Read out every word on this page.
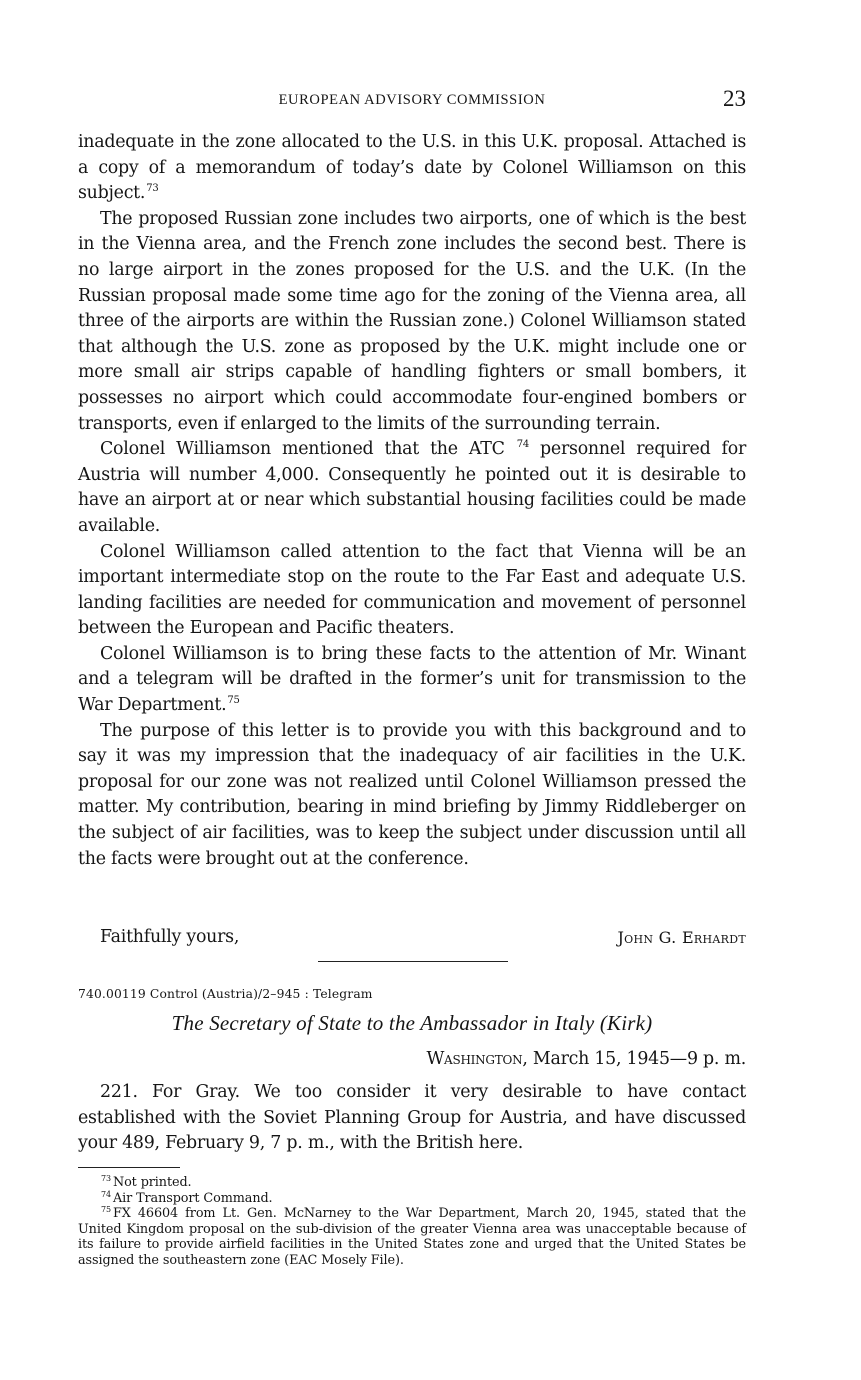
EUROPEAN ADVISORY COMMISSION	23

inadequate in the zone allocated to the U.S. in this U.K. proposal. Attached is a copy of a memorandum of today’s date by Colonel Williamson on this subject.$^{73}$

The proposed Russian zone includes two airports, one of which is the best in the Vienna area, and the French zone includes the second best. There is no large airport in the zones proposed for the U.S. and the U.K. (In the Russian proposal made some time ago for the zoning of the Vienna area, all three of the airports are within the Russian zone.) Colonel Williamson stated that although the U.S. zone as proposed by the U.K. might include one or more small air strips capable of handling fighters or small bombers, it possesses no airport which could accommodate four-engined bombers or transports, even if enlarged to the limits of the surrounding terrain.

Colonel Williamson mentioned that the ATC $^{74}$ personnel required for Austria will number 4,000. Consequently he pointed out it is desirable to have an airport at or near which substantial housing facilities could be made available.

Colonel Williamson called attention to the fact that Vienna will be an important intermediate stop on the route to the Far East and adequate U.S. landing facilities are needed for communication and movement of personnel between the European and Pacific theaters.

Colonel Williamson is to bring these facts to the attention of Mr. Winant and a telegram will be drafted in the former’s unit for transmission to the War Department.$^{75}$

The purpose of this letter is to provide you with this background and to say it was my impression that the inadequacy of air facilities in the U.K. proposal for our zone was not realized until Colonel Williamson pressed the matter. My contribution, bearing in mind briefing by Jimmy Riddleberger on the subject of air facilities, was to keep the subject under discussion until all the facts were brought out at the conference.

Faithfully yours,	John G. Erhardt
740.00119 Control (Austria)/2–945 : Telegram
The Secretary of State to the Ambassador in Italy (Kirk)
Washington, March 15, 1945—9 p. m.

221. For Gray. We too consider it very desirable to have contact established with the Soviet Planning Group for Austria, and have discussed your 489, February 9, 7 p. m., with the British here.

$^{73}$ Not printed.

$^{74}$ Air Transport Command.

$^{75}$ FX 46604 from Lt. Gen. McNarney to the War Department, March 20, 1945, stated that the United Kingdom proposal on the sub-division of the greater Vienna area was unacceptable because of its failure to provide airfield facilities in the United States zone and urged that the United States be assigned the southeastern zone (EAC Mosely File).
